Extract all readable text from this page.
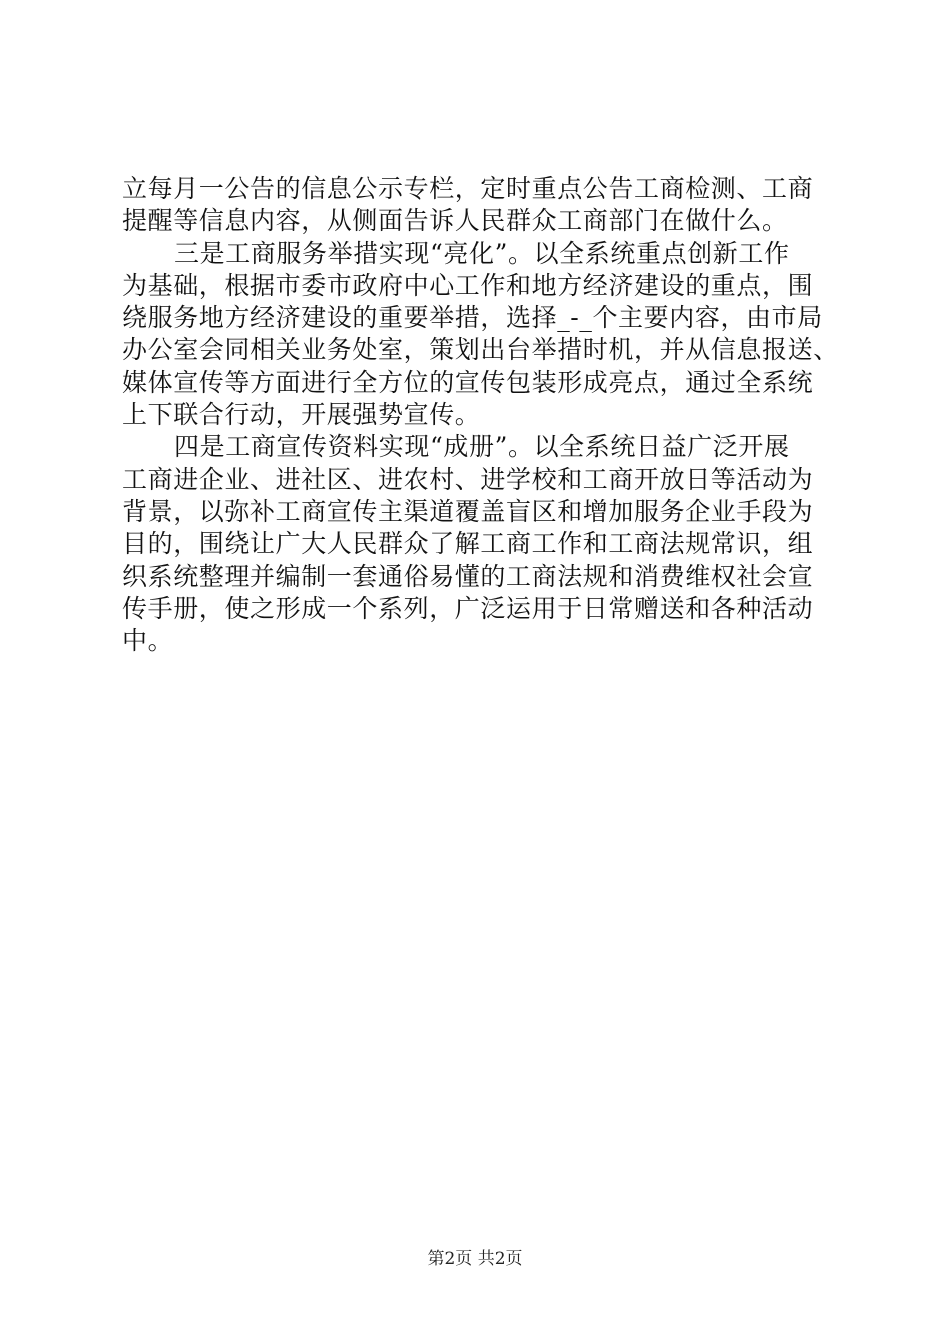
立每月一公告的信息公示专栏，定时重点公告工商检测、工商
提醒等信息内容，从侧面告诉人民群众工商部门在做什么。
三是工商服务举措实现“亮化”。以全系统重点创新工作
为基础，根据市委市政府中心工作和地方经济建设的重点，围
绕服务地方经济建设的重要举措，选择_-_个主要内容，由市局
办公室会同相关业务处室，策划出台举措时机，并从信息报送、
媒体宣传等方面进行全方位的宣传包装形成亮点，通过全系统
上下联合行动，开展强势宣传。
四是工商宣传资料实现“成册”。以全系统日益广泛开展
工商进企业、进社区、进农村、进学校和工商开放日等活动为
背景，以弥补工商宣传主渠道覆盖盲区和增加服务企业手段为
目的，围绕让广大人民群众了解工商工作和工商法规常识，组
织系统整理并编制一套通俗易懂的工商法规和消费维权社会宣
传手册，使之形成一个系列，广泛运用于日常赠送和各种活动
中。
第2页 共2页
